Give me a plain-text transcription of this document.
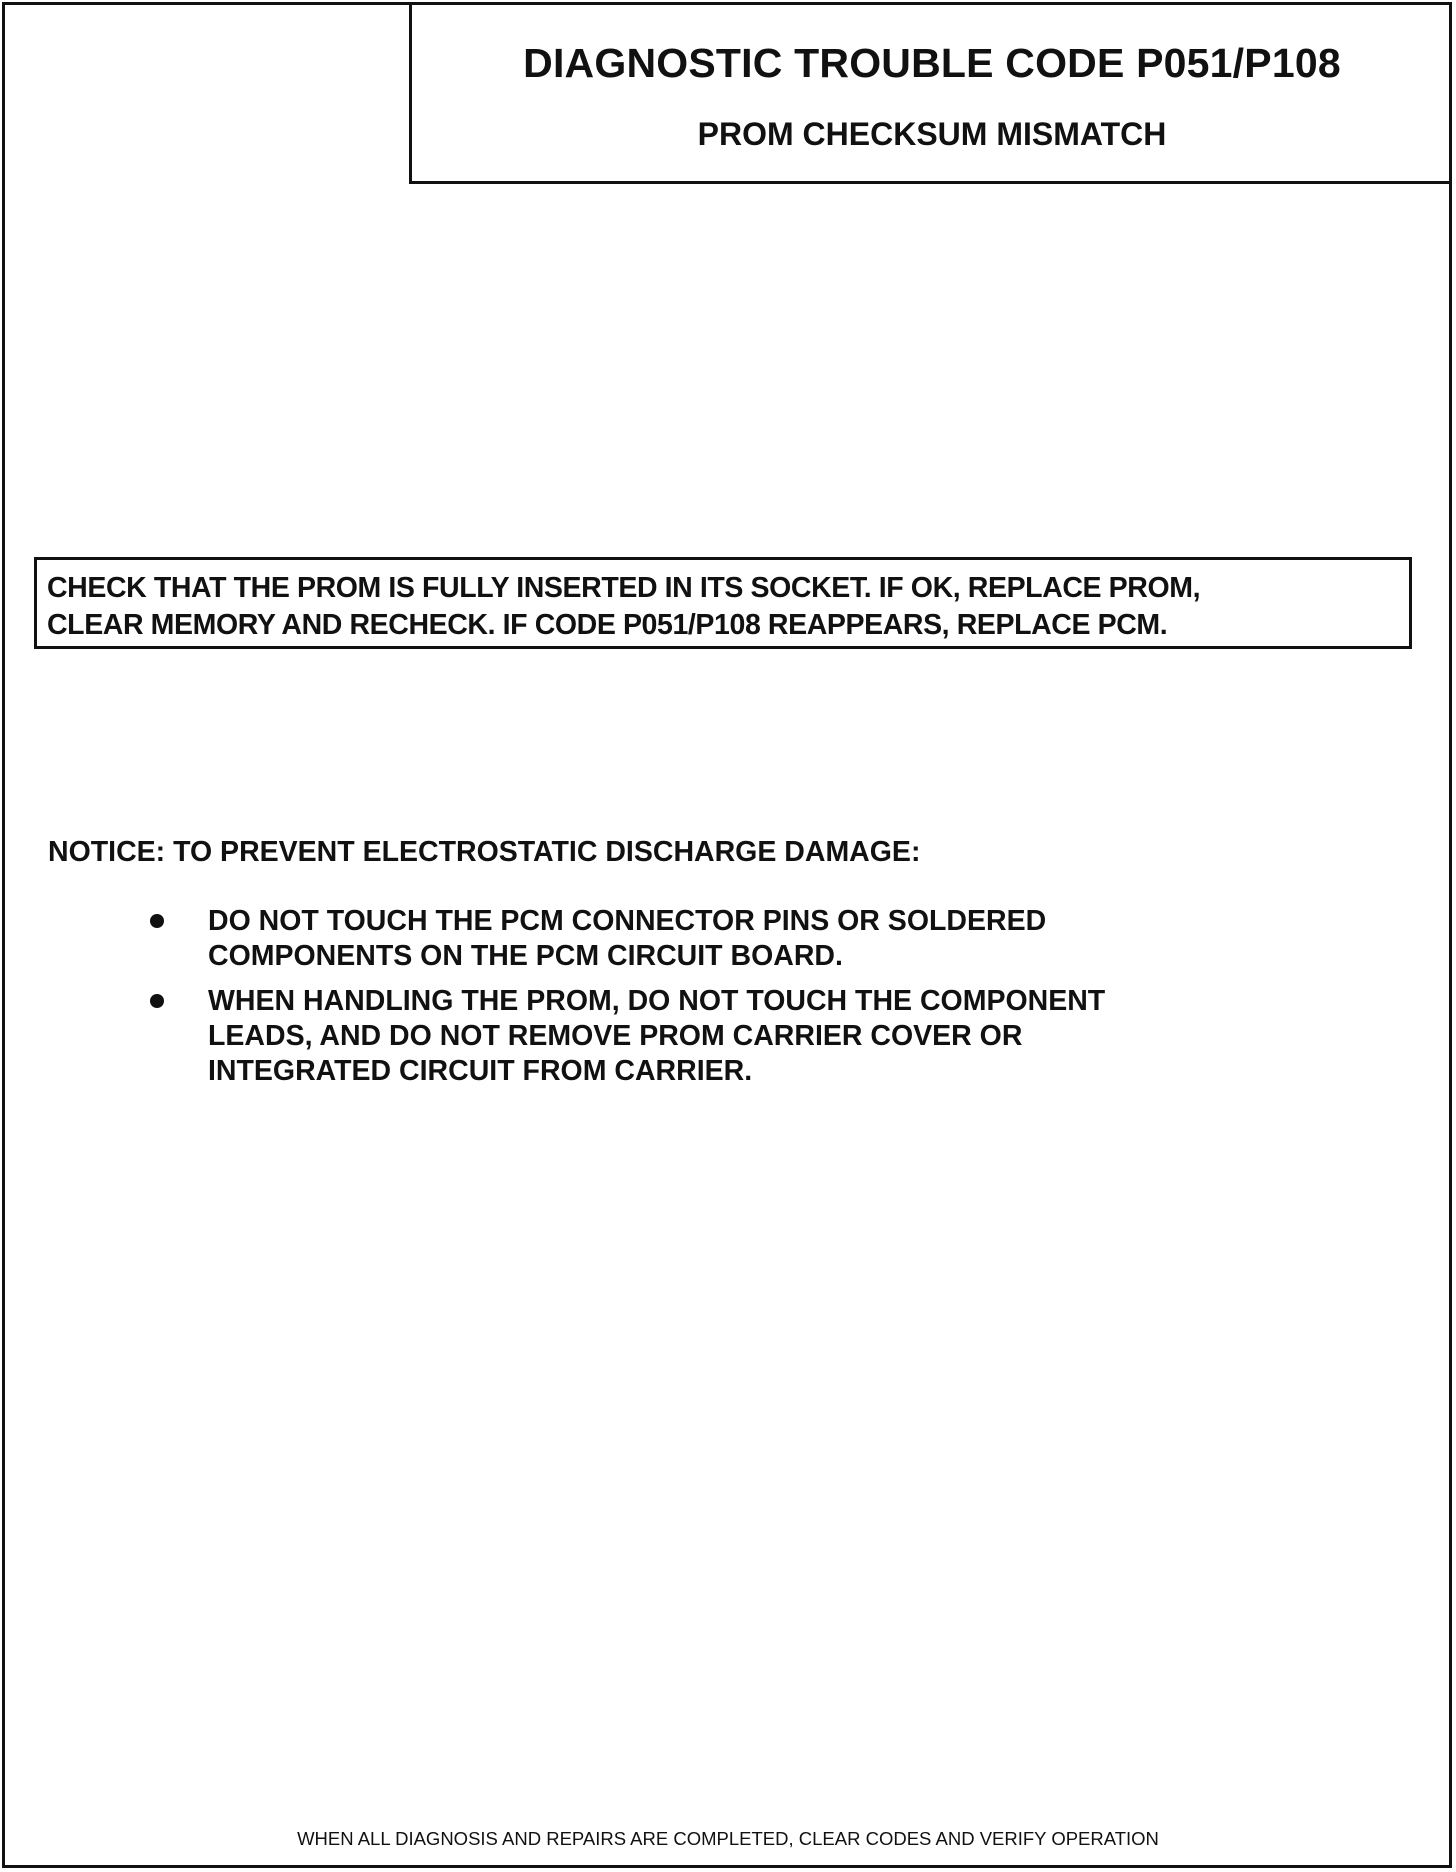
DIAGNOSTIC TROUBLE CODE P051/P108
PROM CHECKSUM MISMATCH
CHECK THAT THE PROM IS FULLY INSERTED IN ITS SOCKET. IF OK, REPLACE PROM,
CLEAR MEMORY AND RECHECK. IF CODE P051/P108 REAPPEARS, REPLACE PCM.
NOTICE: TO PREVENT ELECTROSTATIC DISCHARGE DAMAGE:
DO NOT TOUCH THE PCM CONNECTOR PINS OR SOLDERED
COMPONENTS ON THE PCM CIRCUIT BOARD.
WHEN HANDLING THE PROM, DO NOT TOUCH THE COMPONENT
LEADS, AND DO NOT REMOVE PROM CARRIER COVER OR
INTEGRATED CIRCUIT FROM CARRIER.
WHEN ALL DIAGNOSIS AND REPAIRS ARE COMPLETED, CLEAR CODES AND VERIFY OPERATION
